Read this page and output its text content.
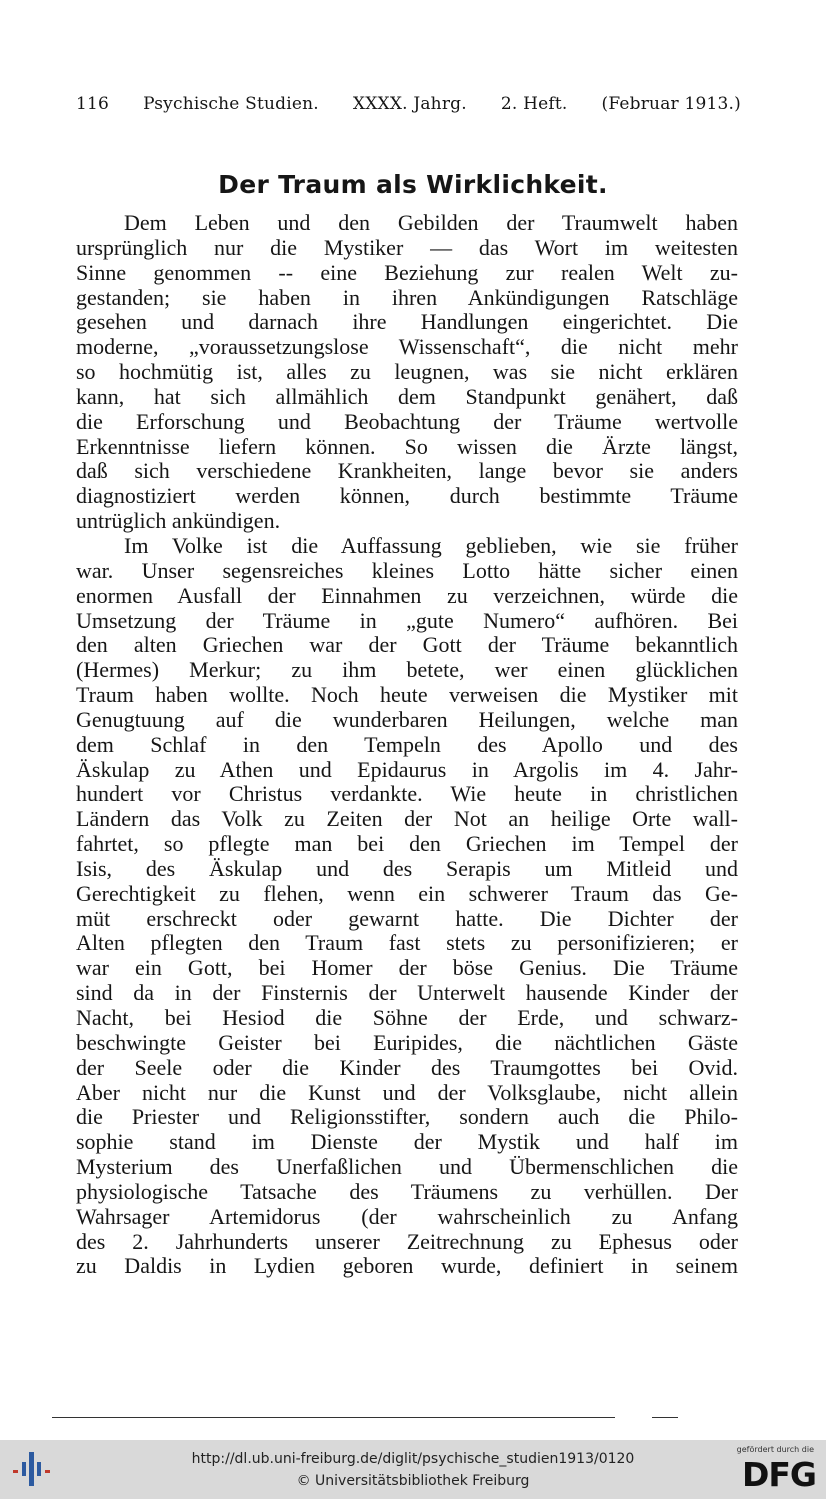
116 Psychische Studien. XXXX. Jahrg. 2. Heft. (Februar 1913.)
Der Traum als Wirklichkeit.
Dem Leben und den Gebilden der Traumwelt haben
ursprünglich nur die Mystiker — das Wort im weitesten
Sinne genommen -- eine Beziehung zur realen Welt zu-
gestanden; sie haben in ihren Ankündigungen Ratschläge
gesehen und darnach ihre Handlungen eingerichtet. Die
moderne, „voraussetzungslose Wissenschaft“, die nicht mehr
so hochmütig ist, alles zu leugnen, was sie nicht erklären
kann, hat sich allmählich dem Standpunkt genähert, daß
die Erforschung und Beobachtung der Träume wertvolle
Erkenntnisse liefern können. So wissen die Ärzte längst,
daß sich verschiedene Krankheiten, lange bevor sie anders
diagnostiziert werden können, durch bestimmte Träume
untrüglich ankündigen.
Im Volke ist die Auffassung geblieben, wie sie früher
war. Unser segensreiches kleines Lotto hätte sicher einen
enormen Ausfall der Einnahmen zu verzeichnen, würde die
Umsetzung der Träume in „gute Numero“ aufhören. Bei
den alten Griechen war der Gott der Träume bekanntlich
(Hermes) Merkur; zu ihm betete, wer einen glücklichen
Traum haben wollte. Noch heute verweisen die Mystiker mit
Genugtuung auf die wunderbaren Heilungen, welche man
dem Schlaf in den Tempeln des Apollo und des
Äskulap zu Athen und Epidaurus in Argolis im 4. Jahr-
hundert vor Christus verdankte. Wie heute in christlichen
Ländern das Volk zu Zeiten der Not an heilige Orte wall-
fahrtet, so pflegte man bei den Griechen im Tempel der
Isis, des Äskulap und des Serapis um Mitleid und
Gerechtigkeit zu flehen, wenn ein schwerer Traum das Ge-
müt erschreckt oder gewarnt hatte. Die Dichter der
Alten pflegten den Traum fast stets zu personifizieren; er
war ein Gott, bei Homer der böse Genius. Die Träume
sind da in der Finsternis der Unterwelt hausende Kinder der
Nacht, bei Hesiod die Söhne der Erde, und schwarz-
beschwingte Geister bei Euripides, die nächtlichen Gäste
der Seele oder die Kinder des Traumgottes bei Ovid.
Aber nicht nur die Kunst und der Volksglaube, nicht allein
die Priester und Religionsstifter, sondern auch die Philo-
sophie stand im Dienste der Mystik und half im
Mysterium des Unerfaßlichen und Übermenschlichen die
physiologische Tatsache des Träumens zu verhüllen. Der
Wahrsager Artemidorus (der wahrscheinlich zu Anfang
des 2. Jahrhunderts unserer Zeitrechnung zu Ephesus oder
zu Daldis in Lydien geboren wurde, definiert in seinem
http://dl.ub.uni-freiburg.de/diglit/psychische_studien1913/0120
© Universitätsbibliothek Freiburg
gefördert durch die
DFG
